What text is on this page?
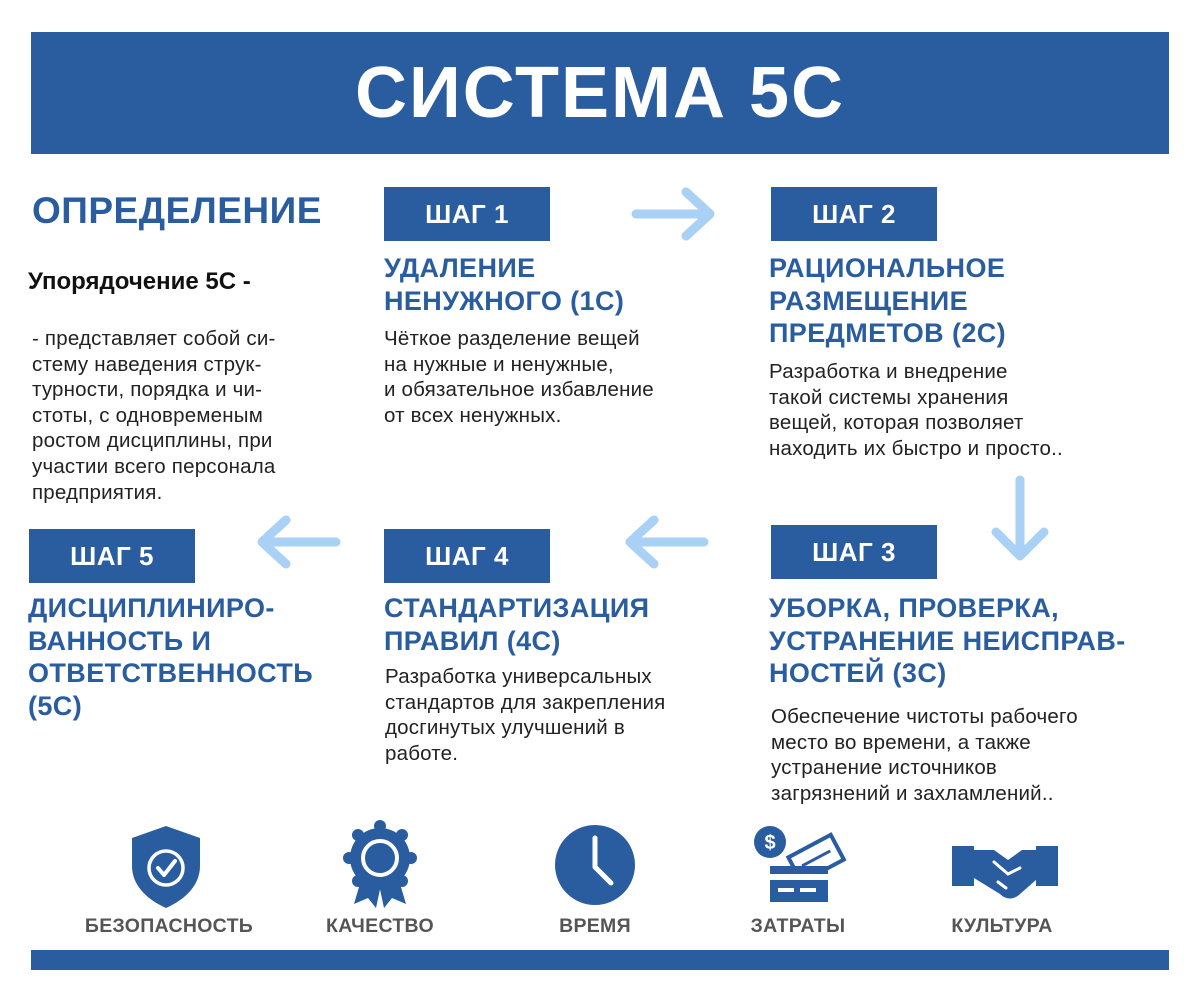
СИСТЕМА 5С
ОПРЕДЕЛЕНИЕ
Упорядочение 5С -
- представляет собой си-
стему наведения струк-
турности, порядка и чи-
стоты, с одновременым
ростом дисциплины, при
участии всего персонала
предприятия.
ШАГ 1
УДАЛЕНИЕ
НЕНУЖНОГО (1С)
Чёткое разделение вещей
на нужные и ненужные,
и обязательное избавление
от всех ненужных.
ШАГ 2
РАЦИОНАЛЬНОЕ
РАЗМЕЩЕНИЕ
ПРЕДМЕТОВ (2С)
Разработка и внедрение
такой системы хранения
вещей, которая позволяет
находить их быстро и просто..
ШАГ 3
УБОРКА, ПРОВЕРКА,
УСТРАНЕНИЕ НЕИСПРАВ-
НОСТЕЙ (3С)
Обеспечение чистоты рабочего
место во времени, а также
устранение источников
загрязнений и захламлений..
ШАГ 4
СТАНДАРТИЗАЦИЯ
ПРАВИЛ (4С)
Разработка универсальных
стандартов для закрепления
досгинутых улучшений в
работе.
ШАГ 5
ДИСЦИПЛИНИРО-
ВАННОСТЬ И
ОТВЕТСТВЕННОСТЬ
(5С)
БЕЗОПАСНОСТЬ	КАЧЕСТВО	ВРЕМЯ
$
ЗАТРАТЫ	КУЛЬТУРА
